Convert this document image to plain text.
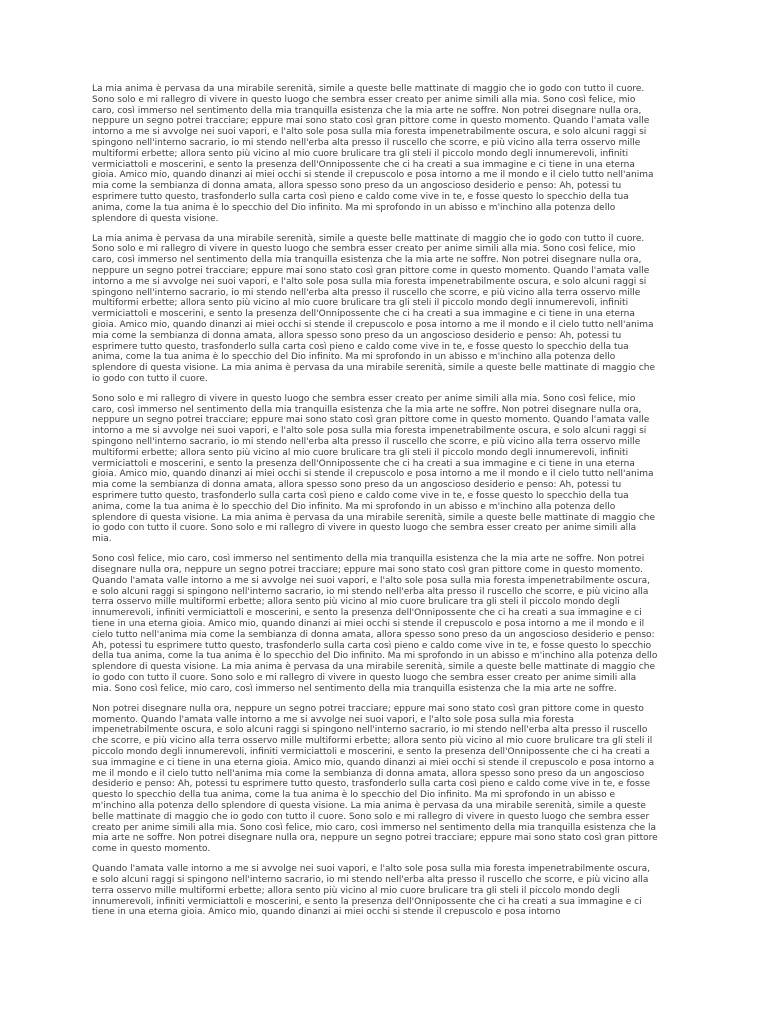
La mia anima è pervasa da una mirabile serenità, simile a queste belle mattinate di maggio che io godo con tutto il cuore. Sono solo e mi rallegro di vivere in questo luogo che sembra esser creato per anime simili alla mia. Sono così felice, mio caro, così immerso nel sentimento della mia tranquilla esistenza che la mia arte ne soffre. Non potrei disegnare nulla ora, neppure un segno potrei tracciare; eppure mai sono stato così gran pittore come in questo momento. Quando l'amata valle intorno a me si avvolge nei suoi vapori, e l'alto sole posa sulla mia foresta impenetrabilmente oscura, e solo alcuni raggi si spingono nell'interno sacrario, io mi stendo nell'erba alta presso il ruscello che scorre, e più vicino alla terra osservo mille multiformi erbette; allora sento più vicino al mio cuore brulicare tra gli steli il piccolo mondo degli innumerevoli, infiniti vermiciattoli e moscerini, e sento la presenza dell'Onnipossente che ci ha creati a sua immagine e ci tiene in una eterna gioia. Amico mio, quando dinanzi ai miei occhi si stende il crepuscolo e posa intorno a me il mondo e il cielo tutto nell'anima mia come la sembianza di donna amata, allora spesso sono preso da un angoscioso desiderio e penso: Ah, potessi tu esprimere tutto questo, trasfonderlo sulla carta così pieno e caldo come vive in te, e fosse questo lo specchio della tua anima, come la tua anima è lo specchio del Dio infinito. Ma mi sprofondo in un abisso e m'inchino alla potenza dello splendore di questa visione.

La mia anima è pervasa da una mirabile serenità, simile a queste belle mattinate di maggio che io godo con tutto il cuore. Sono solo e mi rallegro di vivere in questo luogo che sembra esser creato per anime simili alla mia. Sono così felice, mio caro, così immerso nel sentimento della mia tranquilla esistenza che la mia arte ne soffre. Non potrei disegnare nulla ora, neppure un segno potrei tracciare; eppure mai sono stato così gran pittore come in questo momento. Quando l'amata valle intorno a me si avvolge nei suoi vapori, e l'alto sole posa sulla mia foresta impenetrabilmente oscura, e solo alcuni raggi si spingono nell'interno sacrario, io mi stendo nell'erba alta presso il ruscello che scorre, e più vicino alla terra osservo mille multiformi erbette; allora sento più vicino al mio cuore brulicare tra gli steli il piccolo mondo degli innumerevoli, infiniti vermiciattoli e moscerini, e sento la presenza dell'Onnipossente che ci ha creati a sua immagine e ci tiene in una eterna gioia. Amico mio, quando dinanzi ai miei occhi si stende il crepuscolo e posa intorno a me il mondo e il cielo tutto nell'anima mia come la sembianza di donna amata, allora spesso sono preso da un angoscioso desiderio e penso: Ah, potessi tu esprimere tutto questo, trasfonderlo sulla carta così pieno e caldo come vive in te, e fosse questo lo specchio della tua anima, come la tua anima è lo specchio del Dio infinito. Ma mi sprofondo in un abisso e m'inchino alla potenza dello splendore di questa visione. La mia anima è pervasa da una mirabile serenità, simile a queste belle mattinate di maggio che io godo con tutto il cuore.

Sono solo e mi rallegro di vivere in questo luogo che sembra esser creato per anime simili alla mia. Sono così felice, mio caro, così immerso nel sentimento della mia tranquilla esistenza che la mia arte ne soffre. Non potrei disegnare nulla ora, neppure un segno potrei tracciare; eppure mai sono stato così gran pittore come in questo momento. Quando l'amata valle intorno a me si avvolge nei suoi vapori, e l'alto sole posa sulla mia foresta impenetrabilmente oscura, e solo alcuni raggi si spingono nell'interno sacrario, io mi stendo nell'erba alta presso il ruscello che scorre, e più vicino alla terra osservo mille multiformi erbette; allora sento più vicino al mio cuore brulicare tra gli steli il piccolo mondo degli innumerevoli, infiniti vermiciattoli e moscerini, e sento la presenza dell'Onnipossente che ci ha creati a sua immagine e ci tiene in una eterna gioia. Amico mio, quando dinanzi ai miei occhi si stende il crepuscolo e posa intorno a me il mondo e il cielo tutto nell'anima mia come la sembianza di donna amata, allora spesso sono preso da un angoscioso desiderio e penso: Ah, potessi tu esprimere tutto questo, trasfonderlo sulla carta così pieno e caldo come vive in te, e fosse questo lo specchio della tua anima, come la tua anima è lo specchio del Dio infinito. Ma mi sprofondo in un abisso e m'inchino alla potenza dello splendore di questa visione. La mia anima è pervasa da una mirabile serenità, simile a queste belle mattinate di maggio che io godo con tutto il cuore. Sono solo e mi rallegro di vivere in questo luogo che sembra esser creato per anime simili alla mia.

Sono così felice, mio caro, così immerso nel sentimento della mia tranquilla esistenza che la mia arte ne soffre. Non potrei disegnare nulla ora, neppure un segno potrei tracciare; eppure mai sono stato così gran pittore come in questo momento. Quando l'amata valle intorno a me si avvolge nei suoi vapori, e l'alto sole posa sulla mia foresta impenetrabilmente oscura, e solo alcuni raggi si spingono nell'interno sacrario, io mi stendo nell'erba alta presso il ruscello che scorre, e più vicino alla terra osservo mille multiformi erbette; allora sento più vicino al mio cuore brulicare tra gli steli il piccolo mondo degli innumerevoli, infiniti vermiciattoli e moscerini, e sento la presenza dell'Onnipossente che ci ha creati a sua immagine e ci tiene in una eterna gioia. Amico mio, quando dinanzi ai miei occhi si stende il crepuscolo e posa intorno a me il mondo e il cielo tutto nell'anima mia come la sembianza di donna amata, allora spesso sono preso da un angoscioso desiderio e penso: Ah, potessi tu esprimere tutto questo, trasfonderlo sulla carta così pieno e caldo come vive in te, e fosse questo lo specchio della tua anima, come la tua anima è lo specchio del Dio infinito. Ma mi sprofondo in un abisso e m'inchino alla potenza dello splendore di questa visione. La mia anima è pervasa da una mirabile serenità, simile a queste belle mattinate di maggio che io godo con tutto il cuore. Sono solo e mi rallegro di vivere in questo luogo che sembra esser creato per anime simili alla mia. Sono così felice, mio caro, così immerso nel sentimento della mia tranquilla esistenza che la mia arte ne soffre.

Non potrei disegnare nulla ora, neppure un segno potrei tracciare; eppure mai sono stato così gran pittore come in questo momento. Quando l'amata valle intorno a me si avvolge nei suoi vapori, e l'alto sole posa sulla mia foresta impenetrabilmente oscura, e solo alcuni raggi si spingono nell'interno sacrario, io mi stendo nell'erba alta presso il ruscello che scorre, e più vicino alla terra osservo mille multiformi erbette; allora sento più vicino al mio cuore brulicare tra gli steli il piccolo mondo degli innumerevoli, infiniti vermiciattoli e moscerini, e sento la presenza dell'Onnipossente che ci ha creati a sua immagine e ci tiene in una eterna gioia. Amico mio, quando dinanzi ai miei occhi si stende il crepuscolo e posa intorno a me il mondo e il cielo tutto nell'anima mia come la sembianza di donna amata, allora spesso sono preso da un angoscioso desiderio e penso: Ah, potessi tu esprimere tutto questo, trasfonderlo sulla carta così pieno e caldo come vive in te, e fosse questo lo specchio della tua anima, come la tua anima è lo specchio del Dio infinito. Ma mi sprofondo in un abisso e m'inchino alla potenza dello splendore di questa visione. La mia anima è pervasa da una mirabile serenità, simile a queste belle mattinate di maggio che io godo con tutto il cuore. Sono solo e mi rallegro di vivere in questo luogo che sembra esser creato per anime simili alla mia. Sono così felice, mio caro, così immerso nel sentimento della mia tranquilla esistenza che la mia arte ne soffre. Non potrei disegnare nulla ora, neppure un segno potrei tracciare; eppure mai sono stato così gran pittore come in questo momento.

Quando l'amata valle intorno a me si avvolge nei suoi vapori, e l'alto sole posa sulla mia foresta impenetrabilmente oscura, e solo alcuni raggi si spingono nell'interno sacrario, io mi stendo nell'erba alta presso il ruscello che scorre, e più vicino alla terra osservo mille multiformi erbette; allora sento più vicino al mio cuore brulicare tra gli steli il piccolo mondo degli innumerevoli, infiniti vermiciattoli e moscerini, e sento la presenza dell'Onnipossente che ci ha creati a sua immagine e ci tiene in una eterna gioia. Amico mio, quando dinanzi ai miei occhi si stende il crepuscolo e posa intorno
